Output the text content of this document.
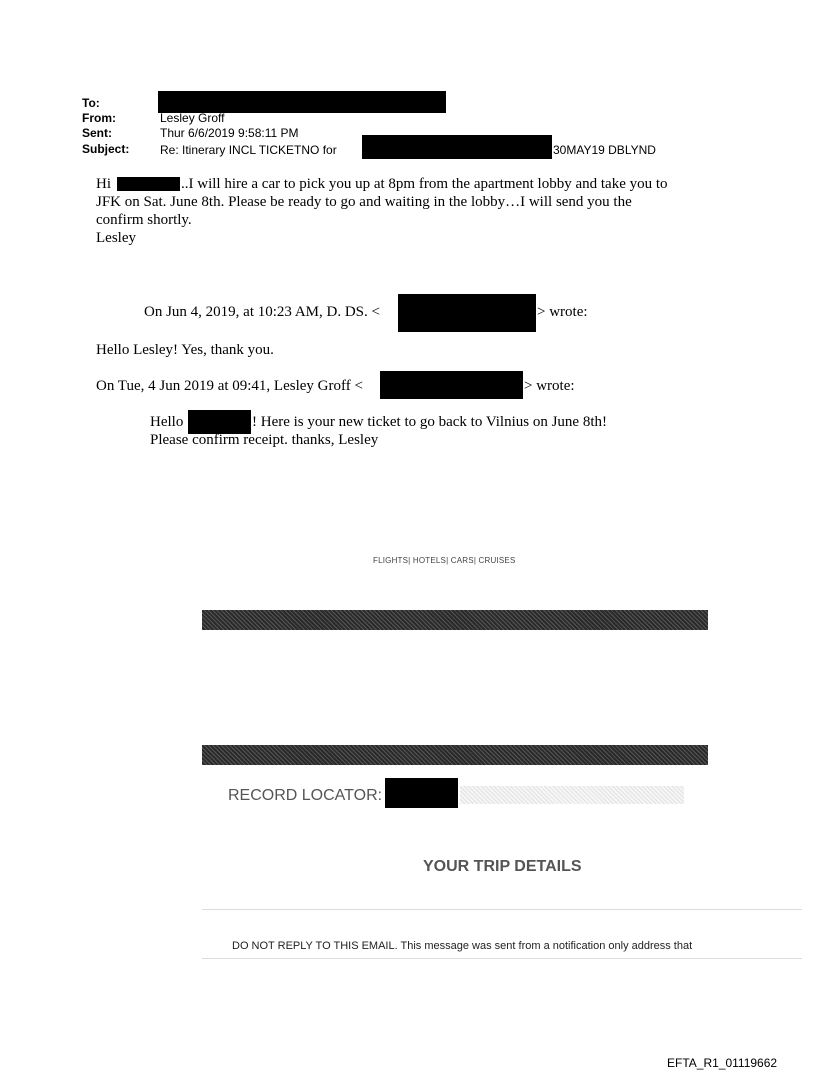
To:
From:	Lesley Groff
Sent:	Thur 6/6/2019 9:58:11 PM
Subject:	Re: Itinerary INCL TICKETNO for	30MAY19 DBLYND
Hi	..I will hire a car to pick you up at 8pm from the apartment lobby and take you to
JFK on Sat. June 8th. Please be ready to go and waiting in the lobby…I will send you the
confirm shortly.
Lesley
On Jun 4, 2019, at 10:23 AM, D. DS. <	> wrote:
Hello Lesley! Yes, thank you.
On Tue, 4 Jun 2019 at 09:41, Lesley Groff <	> wrote:
Hello	! Here is your new ticket to go back to Vilnius on June 8th!
Please confirm receipt. thanks, Lesley
FLIGHTS| HOTELS| CARS| CRUISES
RECORD LOCATOR:
YOUR TRIP DETAILS
DO NOT REPLY TO THIS EMAIL. This message was sent from a notification only address that
EFTA_R1_01119662
